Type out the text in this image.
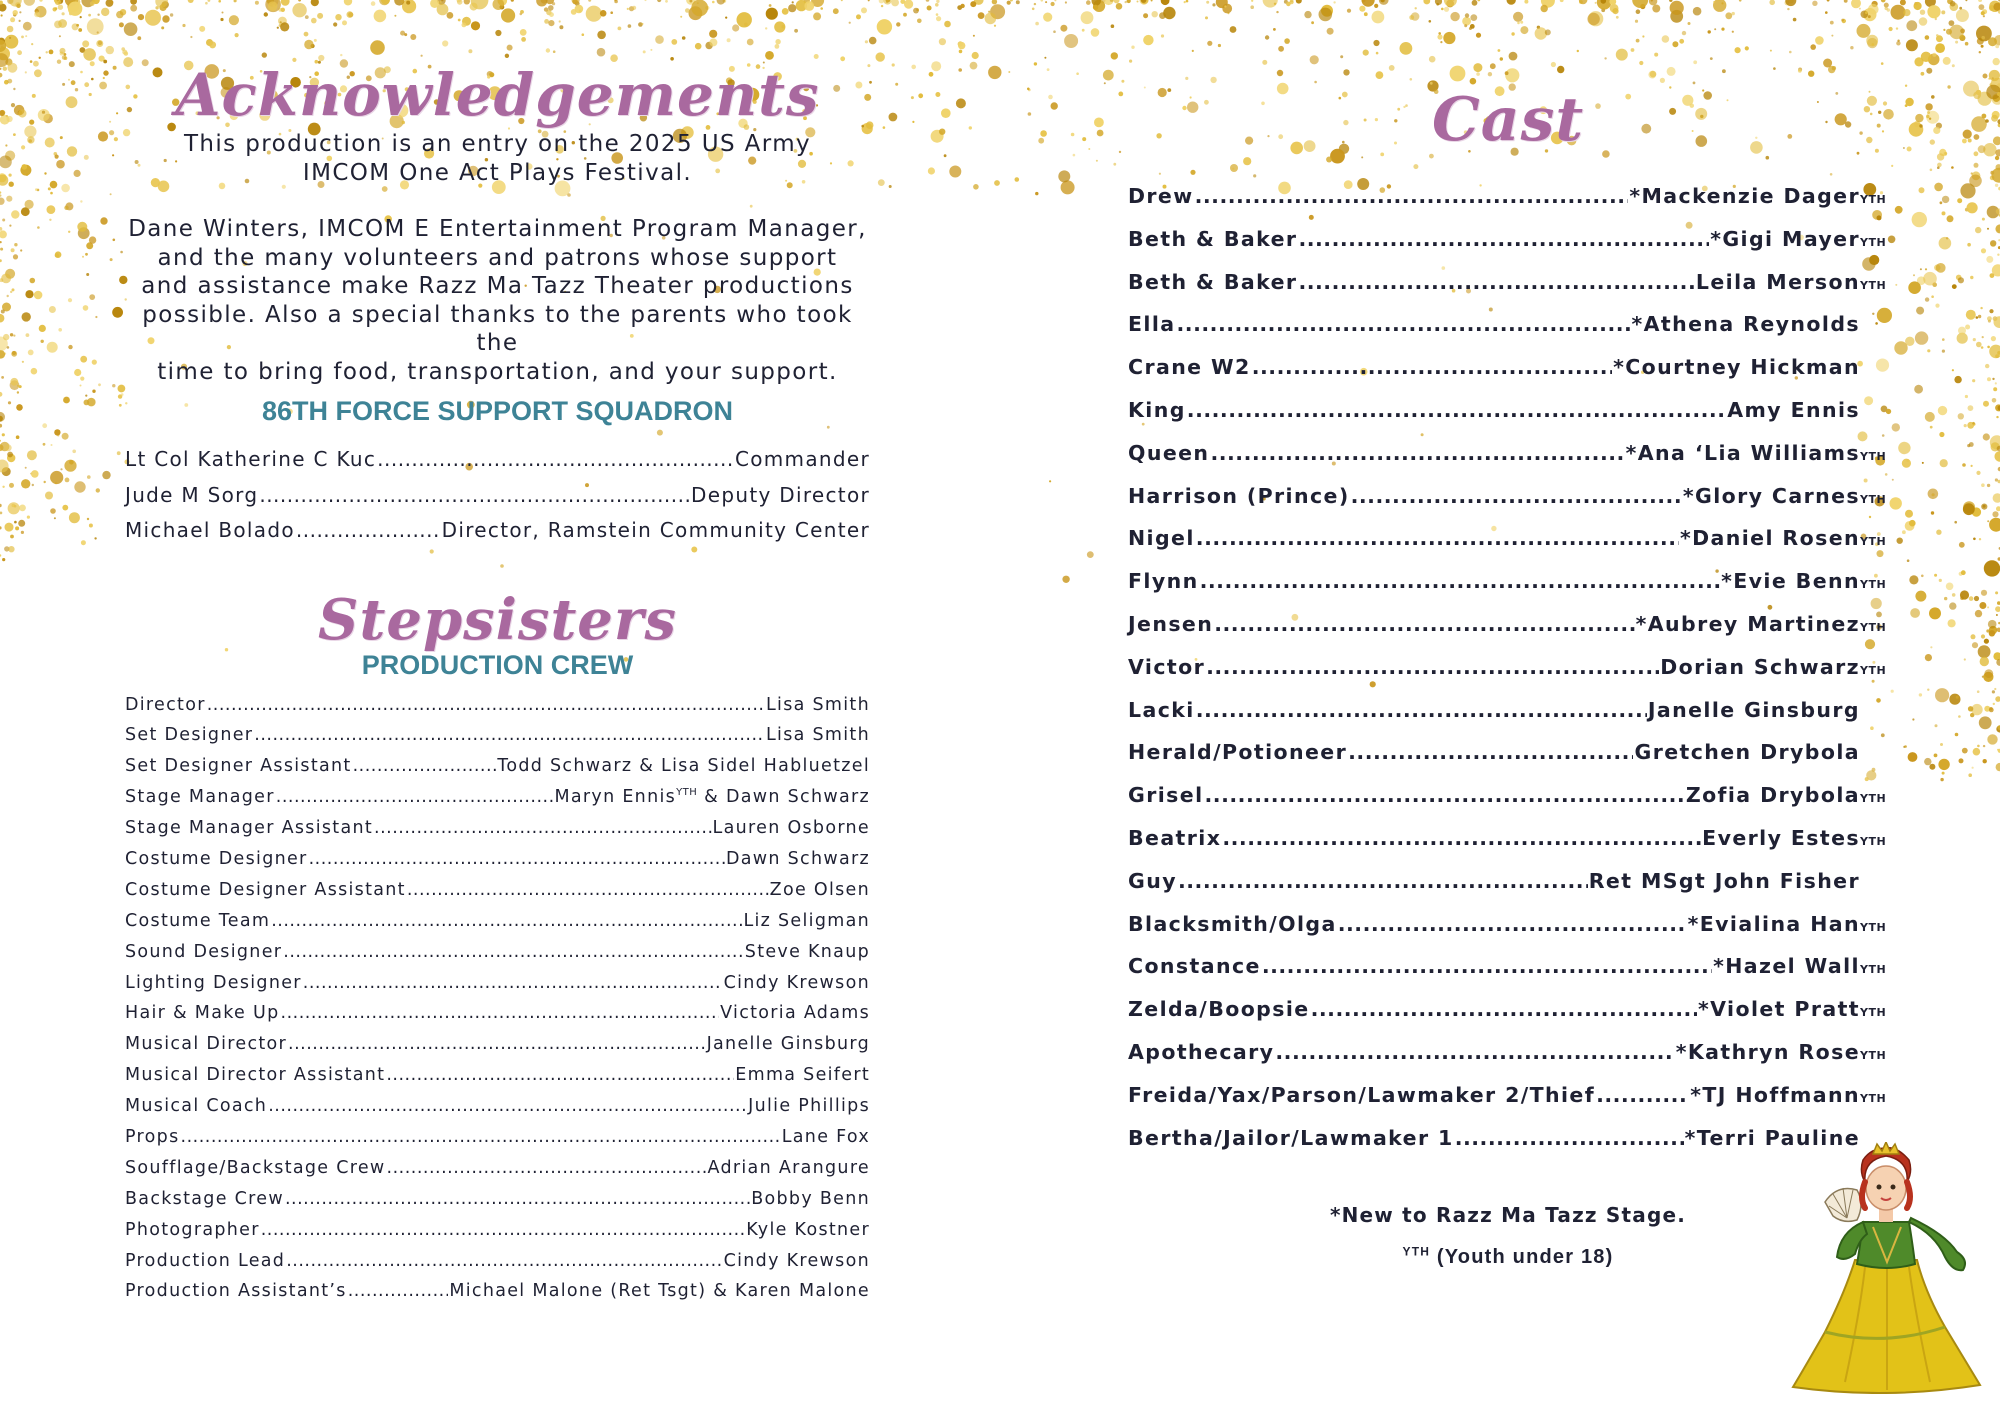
Acknowledgements

This production is an entry on the 2025 US Army
IMCOM One Act Plays Festival.

Dane Winters, IMCOM E Entertainment Program Manager,
and the many volunteers and patrons whose support
and assistance make Razz Ma Tazz Theater productions
possible. Also a special thanks to the parents who took the
time to bring food, transportation, and your support.

86TH FORCE SUPPORT SQUADRON
Lt Col Katherine C Kuc .....	Commander
Jude M Sorg .....	Deputy Director
Michael Bolado .....	Director, Ramstein Community Center
Stepsisters
PRODUCTION CREW
Director .....	Lisa Smith
Set Designer .....	Lisa Smith
Set Designer Assistant .....	Todd Schwarz & Lisa Sidel Habluetzel
Stage Manager .....	Maryn Ennis$^{YTH}$ & Dawn Schwarz
Stage Manager Assistant .....	Lauren Osborne
Costume Designer .....	Dawn Schwarz
Costume Designer Assistant .....	Zoe Olsen
Costume Team .....	Liz Seligman
Sound Designer .....	Steve Knaup
Lighting Designer .....	Cindy Krewson
Hair & Make Up .....	Victoria Adams
Musical Director .....	Janelle Ginsburg
Musical Director Assistant .....	Emma Seifert
Musical Coach .....	Julie Phillips
Props .....	Lane Fox
Soufflage/Backstage Crew .....	Adrian Arangure
Backstage Crew .....	Bobby Benn
Photographer .....	Kyle Kostner
Production Lead .....	Cindy Krewson
Production Assistant’s .....	Michael Malone (Ret Tsgt) & Karen Malone
Cast
Drew .....	*Mackenzie Dager YTH
Beth & Baker .....	*Gigi Mayer YTH
Beth & Baker .....	Leila Merson YTH
Ella .....	*Athena Reynolds
Crane W2 .....	*Courtney Hickman
King .....	Amy Ennis
Queen .....	*Ana ‘Lia Williams YTH
Harrison (Prince) .....	*Glory Carnes YTH
Nigel .....	*Daniel Rosen YTH
Flynn .....	*Evie Benn YTH
Jensen .....	*Aubrey Martinez YTH
Victor .....	Dorian Schwarz YTH
Lacki .....	Janelle Ginsburg
Herald/Potioneer .....	Gretchen Drybola
Grisel .....	Zofia Drybola YTH
Beatrix .....	Everly Estes YTH
Guy .....	Ret MSgt John Fisher
Blacksmith/Olga .....	*Evialina Han YTH
Constance .....	*Hazel Wall YTH
Zelda/Boopsie .....	*Violet Pratt YTH
Apothecary .....	*Kathryn Rose YTH
Freida/Yax/Parson/Lawmaker 2/Thief .....	*TJ Hoffmann YTH
Bertha/Jailor/Lawmaker 1 .....	*Terri Pauline
*New to Razz Ma Tazz Stage.
$^{YTH}$ (Youth under 18)
